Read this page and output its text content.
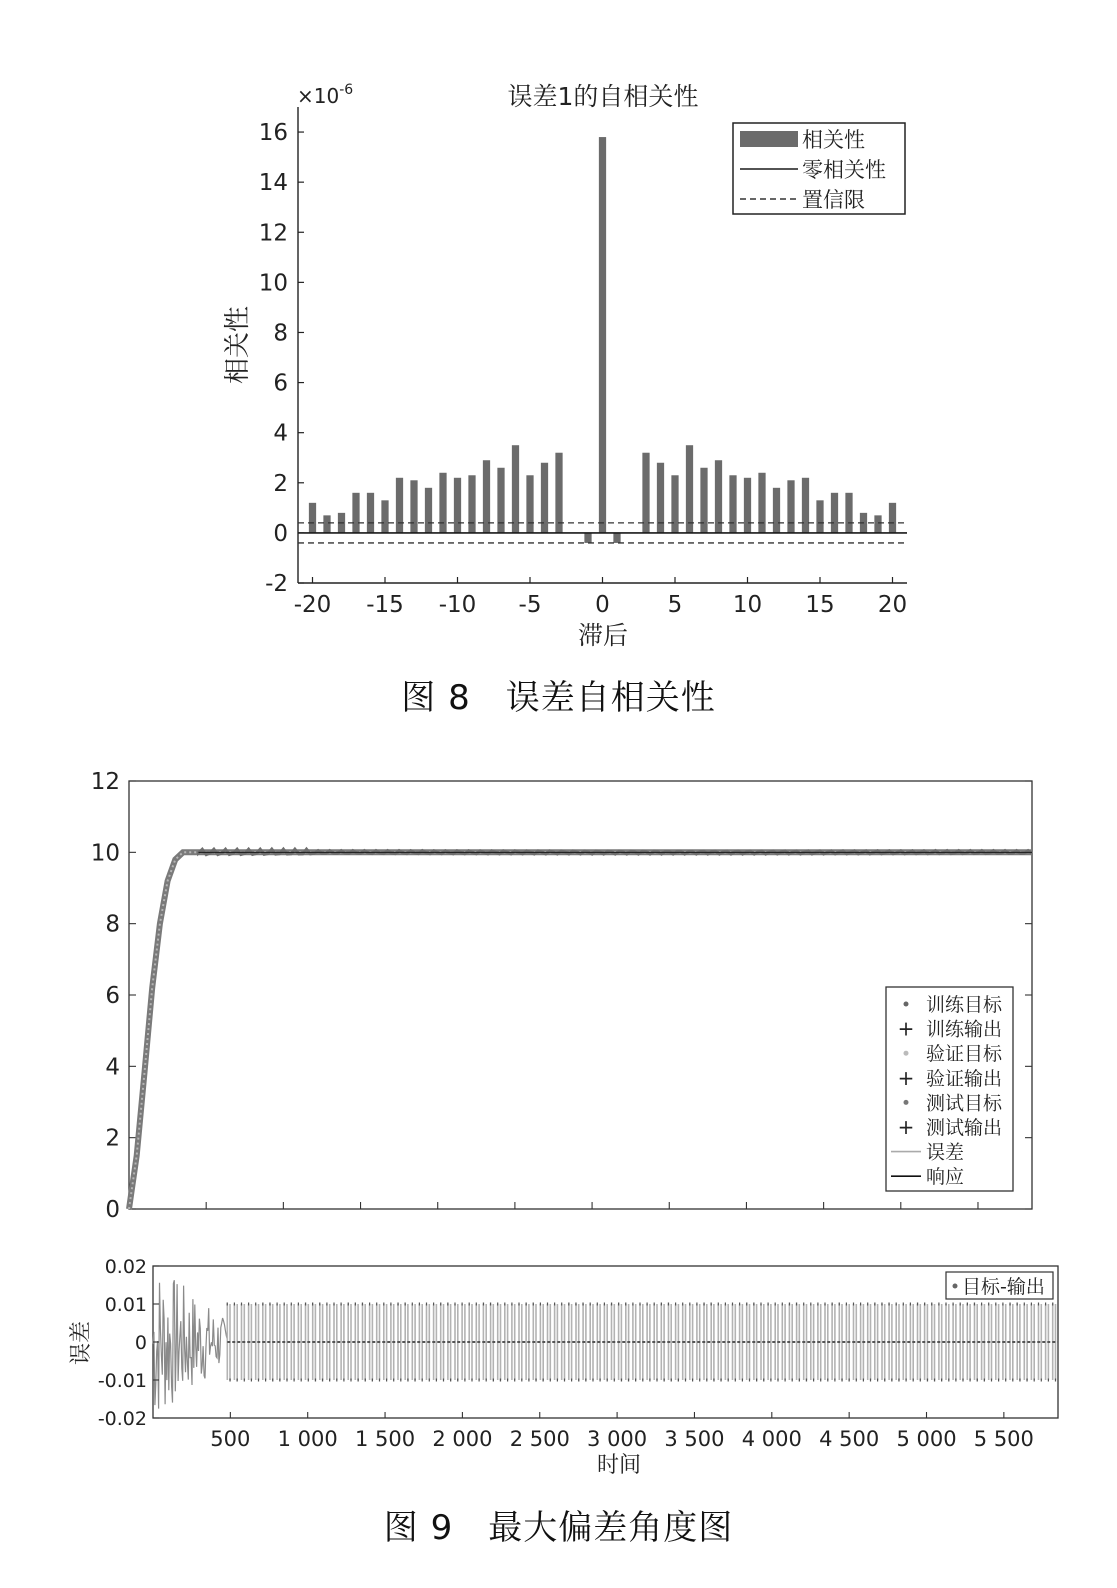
误差1的自相关性
$\times 10^{-6}$
-2
0
2
4
6
8
10
12
14
16
-20 -15 -10 -5 0	5 10 15 20
相关性
滞后
相关性
零相关性
置信限
0
2
4
6
8
10
12
训练目标
+ 训练输出
验证目标
+ 验证输出
测试目标
+ 测试输出
误差
响应
0.02
0.01
0
-0.01
-0.02
500 1 000 1 500 2 000 2 500 3 000 3 500 4 000 4 500 5 000 5 500
误差
时间
目标-输出
图 8　误差自相关性
图 9　最大偏差角度图
